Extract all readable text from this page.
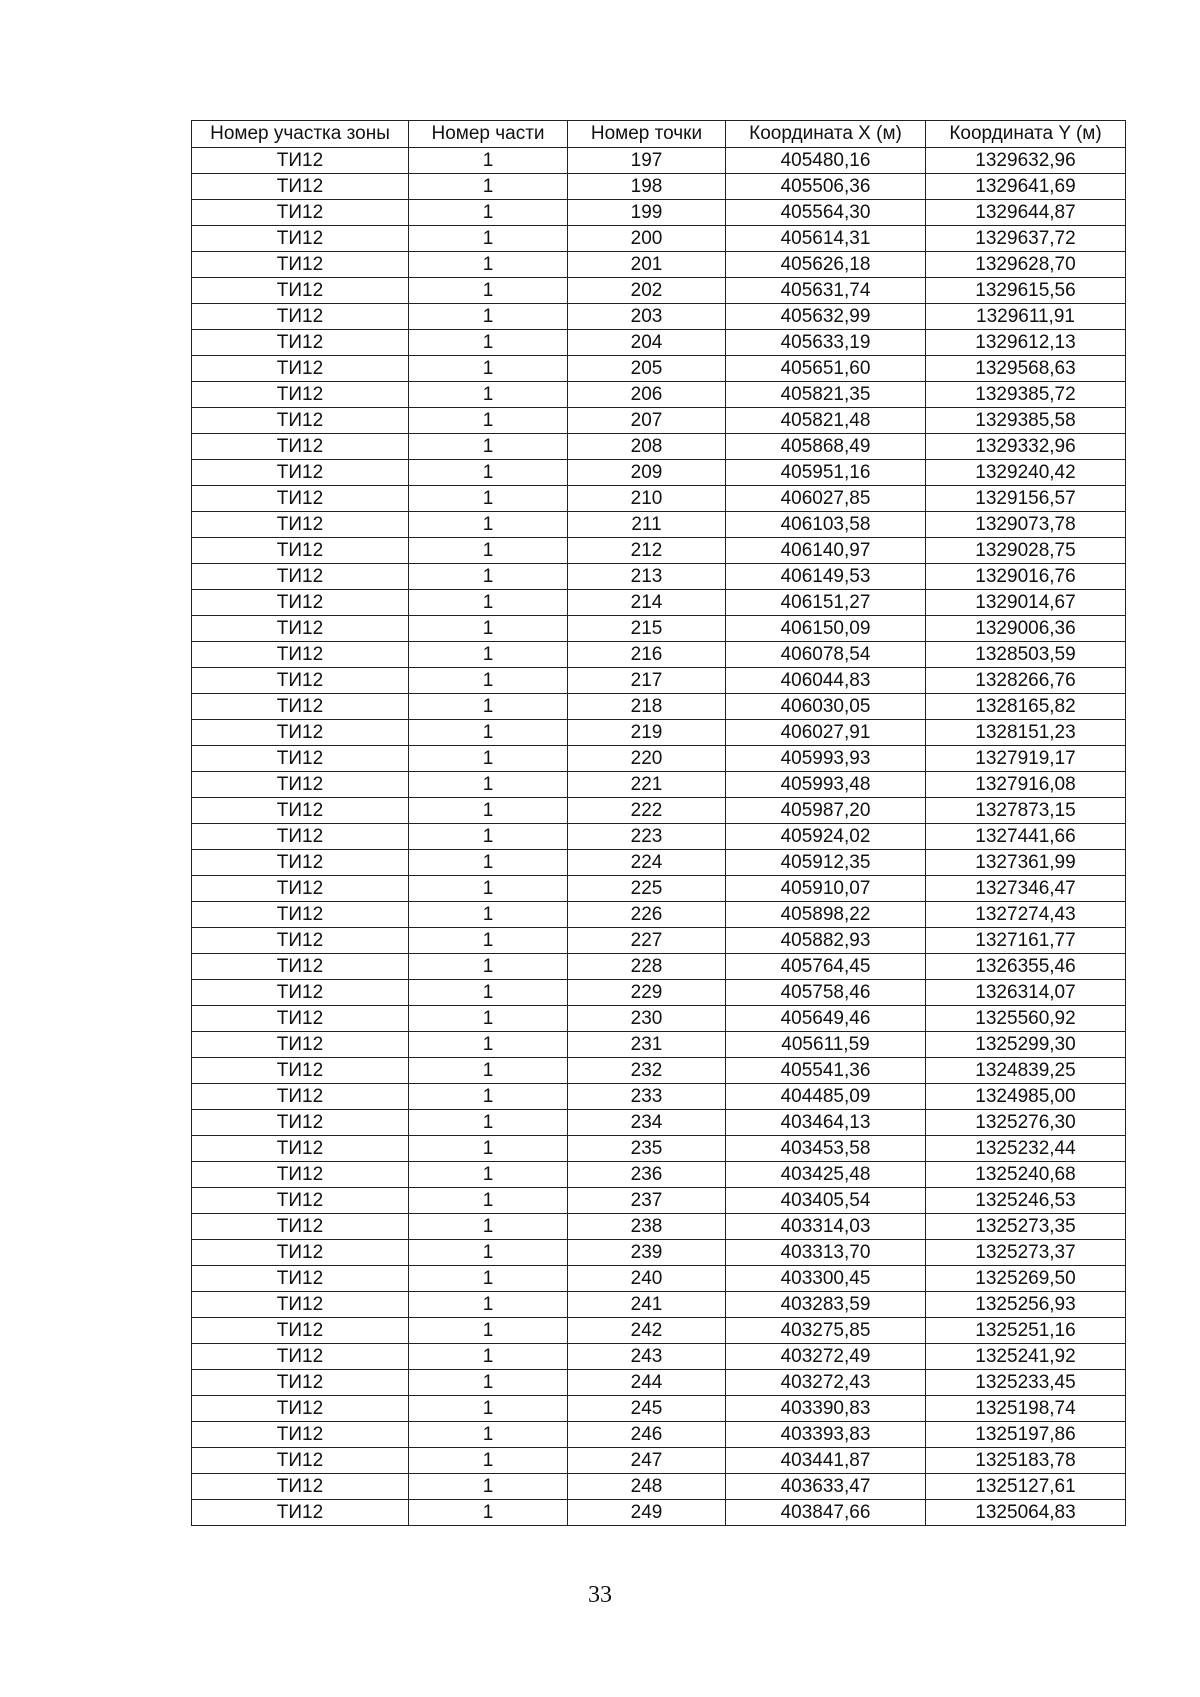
Номер участка зоны	Номер части	Номер точки	Координата X (м)	Координата Y (м)
ТИ12	1	197	405480,16	1329632,96
ТИ12	1	198	405506,36	1329641,69
ТИ12	1	199	405564,30	1329644,87
ТИ12	1	200	405614,31	1329637,72
ТИ12	1	201	405626,18	1329628,70
ТИ12	1	202	405631,74	1329615,56
ТИ12	1	203	405632,99	1329611,91
ТИ12	1	204	405633,19	1329612,13
ТИ12	1	205	405651,60	1329568,63
ТИ12	1	206	405821,35	1329385,72
ТИ12	1	207	405821,48	1329385,58
ТИ12	1	208	405868,49	1329332,96
ТИ12	1	209	405951,16	1329240,42
ТИ12	1	210	406027,85	1329156,57
ТИ12	1	211	406103,58	1329073,78
ТИ12	1	212	406140,97	1329028,75
ТИ12	1	213	406149,53	1329016,76
ТИ12	1	214	406151,27	1329014,67
ТИ12	1	215	406150,09	1329006,36
ТИ12	1	216	406078,54	1328503,59
ТИ12	1	217	406044,83	1328266,76
ТИ12	1	218	406030,05	1328165,82
ТИ12	1	219	406027,91	1328151,23
ТИ12	1	220	405993,93	1327919,17
ТИ12	1	221	405993,48	1327916,08
ТИ12	1	222	405987,20	1327873,15
ТИ12	1	223	405924,02	1327441,66
ТИ12	1	224	405912,35	1327361,99
ТИ12	1	225	405910,07	1327346,47
ТИ12	1	226	405898,22	1327274,43
ТИ12	1	227	405882,93	1327161,77
ТИ12	1	228	405764,45	1326355,46
ТИ12	1	229	405758,46	1326314,07
ТИ12	1	230	405649,46	1325560,92
ТИ12	1	231	405611,59	1325299,30
ТИ12	1	232	405541,36	1324839,25
ТИ12	1	233	404485,09	1324985,00
ТИ12	1	234	403464,13	1325276,30
ТИ12	1	235	403453,58	1325232,44
ТИ12	1	236	403425,48	1325240,68
ТИ12	1	237	403405,54	1325246,53
ТИ12	1	238	403314,03	1325273,35
ТИ12	1	239	403313,70	1325273,37
ТИ12	1	240	403300,45	1325269,50
ТИ12	1	241	403283,59	1325256,93
ТИ12	1	242	403275,85	1325251,16
ТИ12	1	243	403272,49	1325241,92
ТИ12	1	244	403272,43	1325233,45
ТИ12	1	245	403390,83	1325198,74
ТИ12	1	246	403393,83	1325197,86
ТИ12	1	247	403441,87	1325183,78
ТИ12	1	248	403633,47	1325127,61
ТИ12	1	249	403847,66	1325064,83
33
